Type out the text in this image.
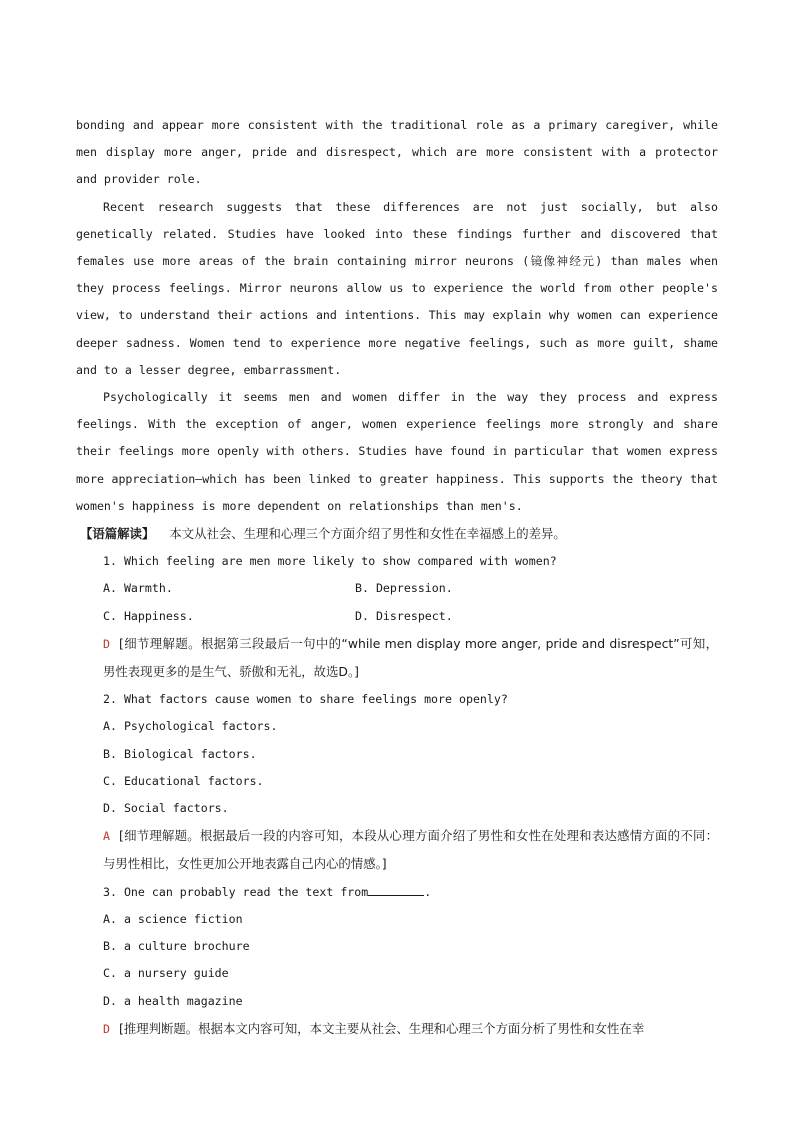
bonding and appear more consistent with the traditional role as a primary caregiver, while men display more anger, pride and disrespect, which are more consistent with a protector and provider role.

Recent research suggests that these differences are not just socially, but also genetically related. Studies have looked into these findings further and discovered that females use more areas of the brain containing mirror neurons (镜像神经元) than males when they process feelings. Mirror neurons allow us to experience the world from other people's view, to understand their actions and intentions. This may explain why women can experience deeper sadness. Women tend to experience more negative feelings, such as more guilt, shame and to a lesser degree, embarrassment.

Psychologically it seems men and women differ in the way they process and express feelings. With the exception of anger, women experience feelings more strongly and share their feelings more openly with others. Studies have found in particular that women express more appreciation—which has been linked to greater happiness. This supports the theory that women's happiness is more dependent on relationships than men's.

【语篇解读】 本文从社会、生理和心理三个方面介绍了男性和女性在幸福感上的差异。

1. Which feeling are men more likely to show compared with women?

A. Warmth.	B. Depression.
C. Happiness.	D. Disrespect.

D [细节理解题。根据第三段最后一句中的“while men display more anger, pride and disrespect”可知，男性表现更多的是生气、骄傲和无礼，故选D。]

2. What factors cause women to share feelings more openly?

A. Psychological factors.

B. Biological factors.

C. Educational factors.

D. Social factors.

A [细节理解题。根据最后一段的内容可知，本段从心理方面介绍了男性和女性在处理和表达感情方面的不同：与男性相比，女性更加公开地表露自己内心的情感。]

3. One can probably read the text from	.

A. a science fiction

B. a culture brochure

C. a nursery guide

D. a health magazine

D [推理判断题。根据本文内容可知，本文主要从社会、生理和心理三个方面分析了男性和女性在幸
